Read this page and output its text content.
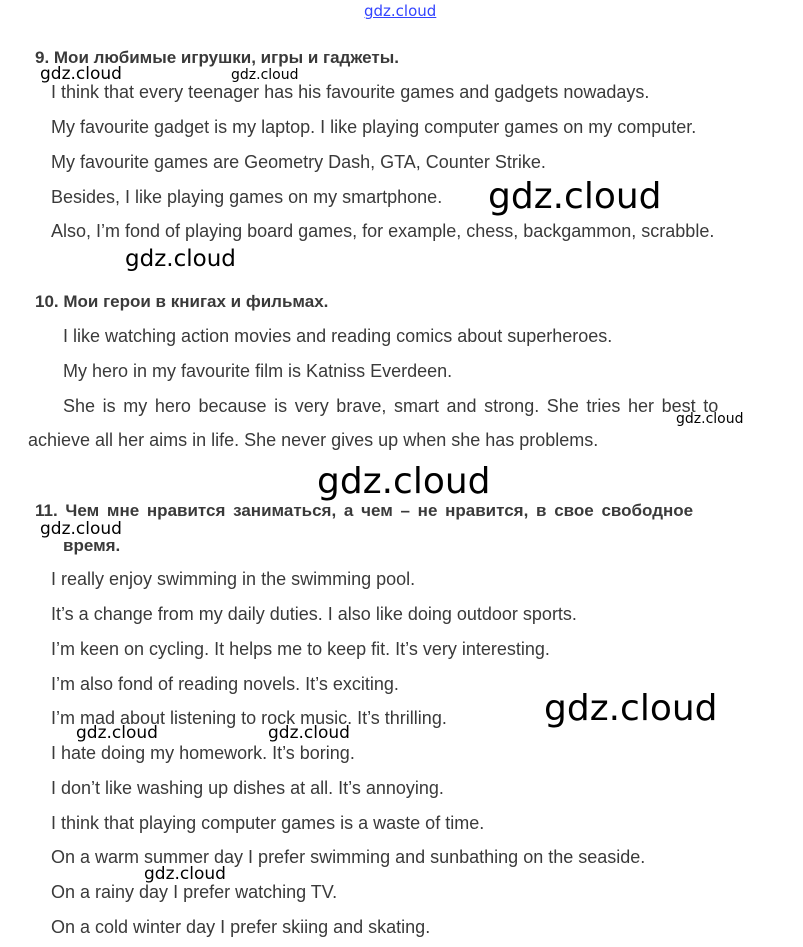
gdz.cloud
9. Мои любимые игрушки, игры и гаджеты.
I think that every teenager has his favourite games and gadgets nowadays.
My favourite gadget is my laptop. I like playing computer games on my computer.
My favourite games are Geometry Dash, GTA, Counter Strike.
Besides, I like playing games on my smartphone.
Also, I’m fond of playing board games, for example, chess, backgammon, scrabble.
10. Мои герои в книгах и фильмах.
I like watching action movies and reading comics about superheroes.
My hero in my favourite film is Katniss Everdeen.
She is my hero because is very brave, smart and strong. She tries her best to
achieve all her aims in life. She never gives up when she has problems.
11. Чем мне нравится заниматься, а чем – не нравится, в свое свободное
время.
I really enjoy swimming in the swimming pool.
It’s a change from my daily duties. I also like doing outdoor sports.
I’m keen on cycling. It helps me to keep fit. It’s very interesting.
I’m also fond of reading novels. It’s exciting.
I’m mad about listening to rock music. It’s thrilling.
I hate doing my homework. It’s boring.
I don’t like washing up dishes at all. It’s annoying.
I think that playing computer games is a waste of time.
On a warm summer day I prefer swimming and sunbathing on the seaside.
On a rainy day I prefer watching TV.
On a cold winter day I prefer skiing and skating.
gdz.cloud	gdz.cloud
gdz.cloud
gdz.cloud
gdz.cloud
gdz.cloud
gdz.cloud
gdz.cloud
gdz.cloud	gdz.cloud
gdz.cloud
